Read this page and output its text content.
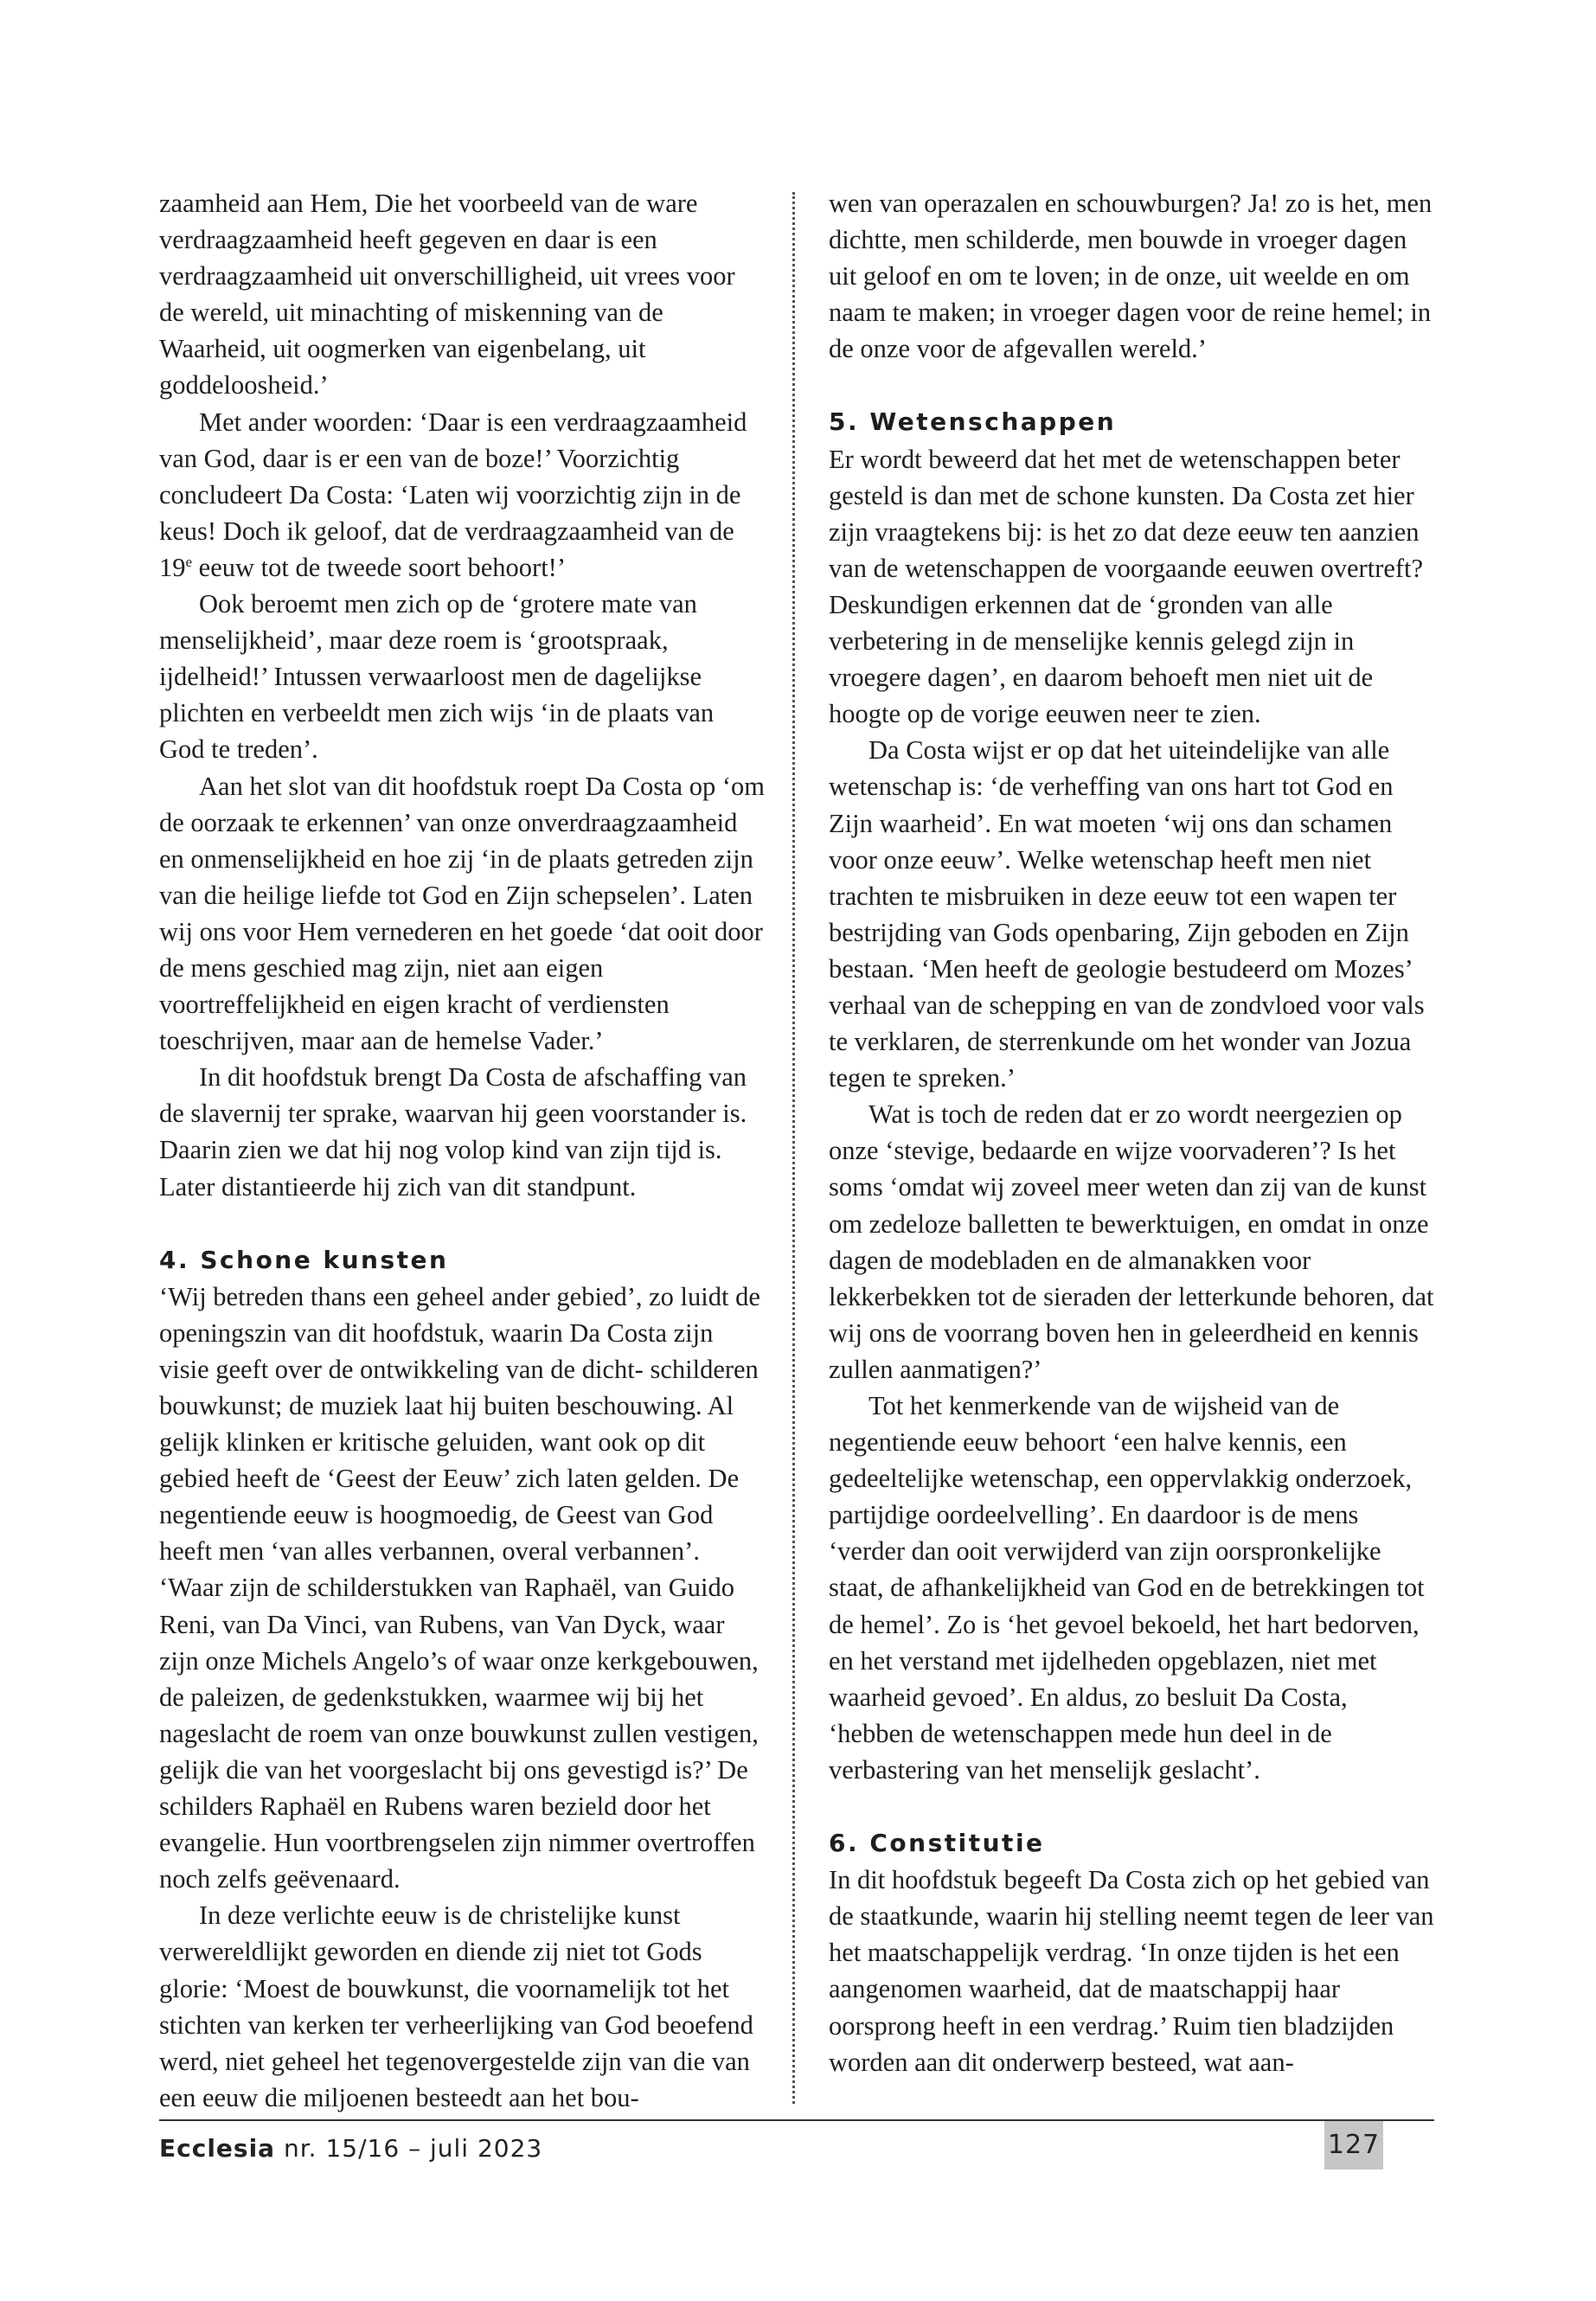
zaamheid aan Hem, Die het voorbeeld van de ware verdraagzaamheid heeft gegeven en daar is een verdraagzaamheid uit onverschilligheid, uit vrees voor de wereld, uit minachting of miskenning van de Waarheid, uit oogmerken van eigenbelang, uit goddeloosheid.’

Met ander woorden: ‘Daar is een verdraagzaamheid van God, daar is er een van de boze!’ Voorzichtig concludeert Da Costa: ‘Laten wij voorzichtig zijn in de keus! Doch ik geloof, dat de verdraagzaamheid van de 19e eeuw tot de tweede soort behoort!’

Ook beroemt men zich op de ‘grotere mate van menselijkheid’, maar deze roem is ‘grootspraak, ijdelheid!’ Intussen verwaarloost men de dagelijkse plichten en verbeeldt men zich wijs ‘in de plaats van God te treden’.

Aan het slot van dit hoofdstuk roept Da Costa op ‘om de oorzaak te erkennen’ van onze onverdraagzaamheid en onmenselijkheid en hoe zij ‘in de plaats getreden zijn van die heilige liefde tot God en Zijn schepselen’. Laten wij ons voor Hem vernederen en het goede ‘dat ooit door de mens geschied mag zijn, niet aan eigen voortreffelijkheid en eigen kracht of verdiensten toeschrijven, maar aan de hemelse Vader.’

In dit hoofdstuk brengt Da Costa de afschaffing van de slavernij ter sprake, waarvan hij geen voorstander is. Daarin zien we dat hij nog volop kind van zijn tijd is. Later distantieerde hij zich van dit standpunt.

4. Schone kunsten

‘Wij betreden thans een geheel ander gebied’, zo luidt de openingszin van dit hoofdstuk, waarin Da Costa zijn visie geeft over de ontwikkeling van de dicht- schilderen bouwkunst; de muziek laat hij buiten beschouwing. Al gelijk klinken er kritische geluiden, want ook op dit gebied heeft de ‘Geest der Eeuw’ zich laten gelden. De negentiende eeuw is hoogmoedig, de Geest van God heeft men ‘van alles verbannen, overal verbannen’. ‘Waar zijn de schilderstukken van Raphaël, van Guido Reni, van Da Vinci, van Rubens, van Van Dyck, waar zijn onze Michels Angelo’s of waar onze kerkgebouwen, de paleizen, de gedenkstukken, waarmee wij bij het nageslacht de roem van onze bouwkunst zullen vestigen, gelijk die van het voorgeslacht bij ons gevestigd is?’ De schilders Raphaël en Rubens waren bezield door het evangelie. Hun voortbrengselen zijn nimmer overtroffen noch zelfs geëvenaard.

In deze verlichte eeuw is de christelijke kunst verwereldlijkt geworden en diende zij niet tot Gods glorie: ‘Moest de bouwkunst, die voornamelijk tot het stichten van kerken ter verheerlijking van God beoefend werd, niet geheel het tegenovergestelde zijn van die van een eeuw die miljoenen besteedt aan het bou-

wen van operazalen en schouwburgen? Ja! zo is het, men dichtte, men schilderde, men bouwde in vroeger dagen uit geloof en om te loven; in de onze, uit weelde en om naam te maken; in vroeger dagen voor de reine hemel; in de onze voor de afgevallen wereld.’

5. Wetenschappen

Er wordt beweerd dat het met de wetenschappen beter gesteld is dan met de schone kunsten. Da Costa zet hier zijn vraagtekens bij: is het zo dat deze eeuw ten aanzien van de wetenschappen de voorgaande eeuwen overtreft? Deskundigen erkennen dat de ‘gronden van alle verbetering in de menselijke kennis gelegd zijn in vroegere dagen’, en daarom behoeft men niet uit de hoogte op de vorige eeuwen neer te zien.

Da Costa wijst er op dat het uiteindelijke van alle wetenschap is: ‘de verheffing van ons hart tot God en Zijn waarheid’. En wat moeten ‘wij ons dan schamen voor onze eeuw’. Welke wetenschap heeft men niet trachten te misbruiken in deze eeuw tot een wapen ter bestrijding van Gods openbaring, Zijn geboden en Zijn bestaan. ‘Men heeft de geologie bestudeerd om Mozes’ verhaal van de schepping en van de zondvloed voor vals te verklaren, de sterrenkunde om het wonder van Jozua tegen te spreken.’

Wat is toch de reden dat er zo wordt neergezien op onze ‘stevige, bedaarde en wijze voorvaderen’? Is het soms ‘omdat wij zoveel meer weten dan zij van de kunst om zedeloze balletten te bewerktuigen, en omdat in onze dagen de modebladen en de almanakken voor lekkerbekken tot de sieraden der letterkunde behoren, dat wij ons de voorrang boven hen in geleerdheid en kennis zullen aanmatigen?’

Tot het kenmerkende van de wijsheid van de negentiende eeuw behoort ‘een halve kennis, een gedeeltelijke wetenschap, een oppervlakkig onderzoek, partijdige oordeelvelling’. En daardoor is de mens ‘verder dan ooit verwijderd van zijn oorspronkelijke staat, de afhankelijkheid van God en de betrekkingen tot de hemel’. Zo is ‘het gevoel bekoeld, het hart bedorven, en het verstand met ijdelheden opgeblazen, niet met waarheid gevoed’. En aldus, zo besluit Da Costa, ‘hebben de wetenschappen mede hun deel in de verbastering van het menselijk geslacht’.

6. Constitutie

In dit hoofdstuk begeeft Da Costa zich op het gebied van de staatkunde, waarin hij stelling neemt tegen de leer van het maatschappelijk verdrag. ‘In onze tijden is het een aangenomen waarheid, dat de maatschappij haar oorsprong heeft in een verdrag.’ Ruim tien bladzijden worden aan dit onderwerp besteed, wat aan-

Ecclesia nr. 15/16 – juli 2023	127
